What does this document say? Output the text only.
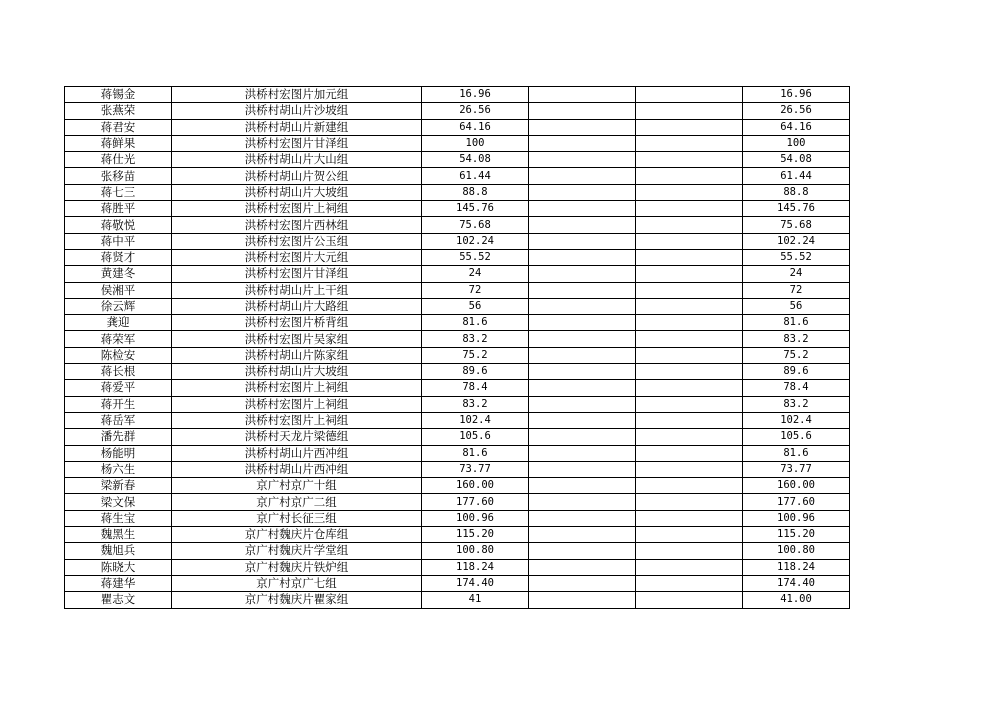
蒋锡金	洪桥村宏图片加元组	16.96			16.96
张燕荣	洪桥村胡山片沙坡组	26.56			26.56
蒋君安	洪桥村胡山片新建组	64.16			64.16
蒋鲜果	洪桥村宏图片甘泽组	100			100
蒋仕光	洪桥村胡山片大山组	54.08			54.08
张移苗	洪桥村胡山片贺公组	61.44			61.44
蒋七三	洪桥村胡山片大坡组	88.8			88.8
蒋胜平	洪桥村宏图片上祠组	145.76			145.76
蒋敬悦	洪桥村宏图片西林组	75.68			75.68
蒋中平	洪桥村宏图片公玉组	102.24			102.24
蒋贤才	洪桥村宏图片大元组	55.52			55.52
黄建冬	洪桥村宏图片甘泽组	24			24
侯湘平	洪桥村胡山片上干组	72			72
徐云辉	洪桥村胡山片大路组	56			56
龚迎	洪桥村宏图片桥背组	81.6			81.6
蒋荣军	洪桥村宏图片吴家组	83.2			83.2
陈检安	洪桥村胡山片陈家组	75.2			75.2
蒋长根	洪桥村胡山片大坡组	89.6			89.6
蒋爱平	洪桥村宏图片上祠组	78.4			78.4
蒋开生	洪桥村宏图片上祠组	83.2			83.2
蒋岳军	洪桥村宏图片上祠组	102.4			102.4
潘先群	洪桥村天龙片梁德组	105.6			105.6
杨能明	洪桥村胡山片西冲组	81.6			81.6
杨六生	洪桥村胡山片西冲组	73.77			73.77
梁新春	京广村京广十组	160.00			160.00
梁文保	京广村京广二组	177.60			177.60
蒋生宝	京广村长征三组	100.96			100.96
魏黑生	京广村魏庆片仓库组	115.20			115.20
魏旭兵	京广村魏庆片学堂组	100.80			100.80
陈晓大	京广村魏庆片铁炉组	118.24			118.24
蒋建华	京广村京广七组	174.40			174.40
瞿志文	京广村魏庆片瞿家组	41			41.00
